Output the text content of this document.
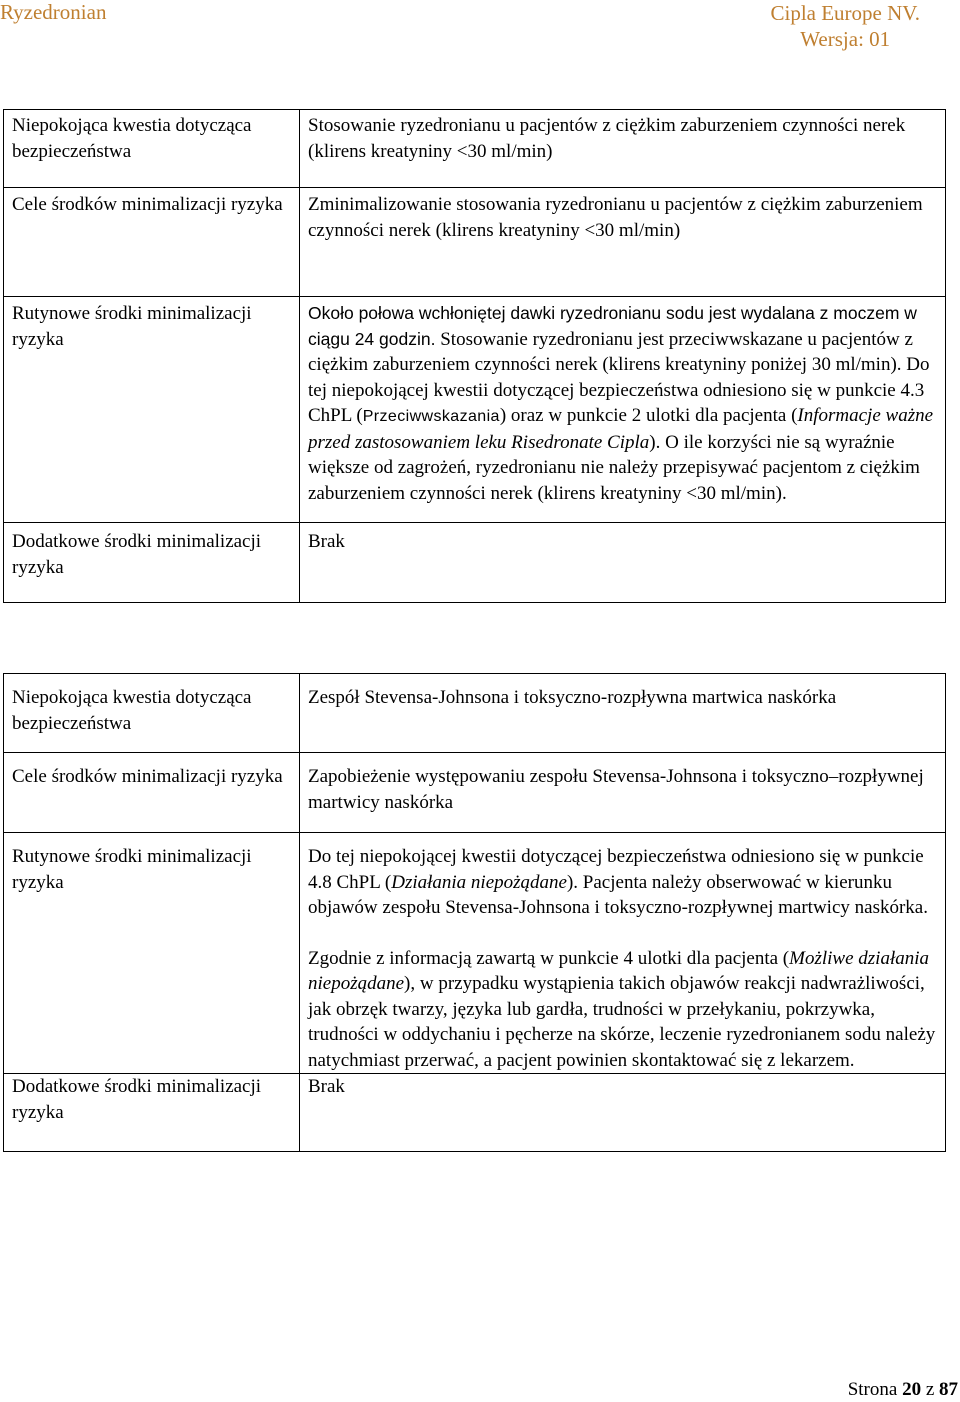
Ryzedronian	Cipla Europe NV.
Wersja: 01
Niepokojąca kwestia dotycząca bezpieczeństwa	Stosowanie ryzedronianu u pacjentów z ciężkim zaburzeniem czynności nerek (klirens kreatyniny <30 ml/min)
Cele środków minimalizacji ryzyka	Zminimalizowanie stosowania ryzedronianu u pacjentów z ciężkim zaburzeniem czynności nerek (klirens kreatyniny <30 ml/min)
Rutynowe środki minimalizacji ryzyka	Około połowa wchłoniętej dawki ryzedronianu sodu jest wydalana z moczem w ciągu 24 godzin. Stosowanie ryzedronianu jest przeciwwskazane u pacjentów z ciężkim zaburzeniem czynności nerek (klirens kreatyniny poniżej 30 ml/min). Do tej niepokojącej kwestii dotyczącej bezpieczeństwa odniesiono się w punkcie 4.3 ChPL (Przeciwwskazania) oraz w punkcie 2 ulotki dla pacjenta (Informacje ważne przed zastosowaniem leku Risedronate Cipla). O ile korzyści nie są wyraźnie większe od zagrożeń, ryzedronianu nie należy przepisywać pacjentom z ciężkim zaburzeniem czynności nerek (klirens kreatyniny <30 ml/min).
Dodatkowe środki minimalizacji ryzyka	Brak
Niepokojąca kwestia dotycząca bezpieczeństwa	Zespół Stevensa-Johnsona i toksyczno-rozpływna martwica naskórka
Cele środków minimalizacji ryzyka	Zapobieżenie występowaniu zespołu Stevensa-Johnsona i toksyczno–rozpływnej martwicy naskórka
Rutynowe środki minimalizacji ryzyka	Do tej niepokojącej kwestii dotyczącej bezpieczeństwa odniesiono się w punkcie 4.8 ChPL (Działania niepożądane). Pacjenta należy obserwować w kierunku objawów zespołu Stevensa-Johnsona i toksyczno-rozpływnej martwicy naskórka.
Zgodnie z informacją zawartą w punkcie 4 ulotki dla pacjenta (Możliwe działania niepożądane), w przypadku wystąpienia takich objawów reakcji nadwrażliwości, jak obrzęk twarzy, języka lub gardła, trudności w przełykaniu, pokrzywka, trudności w oddychaniu i pęcherze na skórze, leczenie ryzedronianem sodu należy natychmiast przerwać, a pacjent powinien skontaktować się z lekarzem.
Dodatkowe środki minimalizacji ryzyka	Brak
Strona 20 z 87
